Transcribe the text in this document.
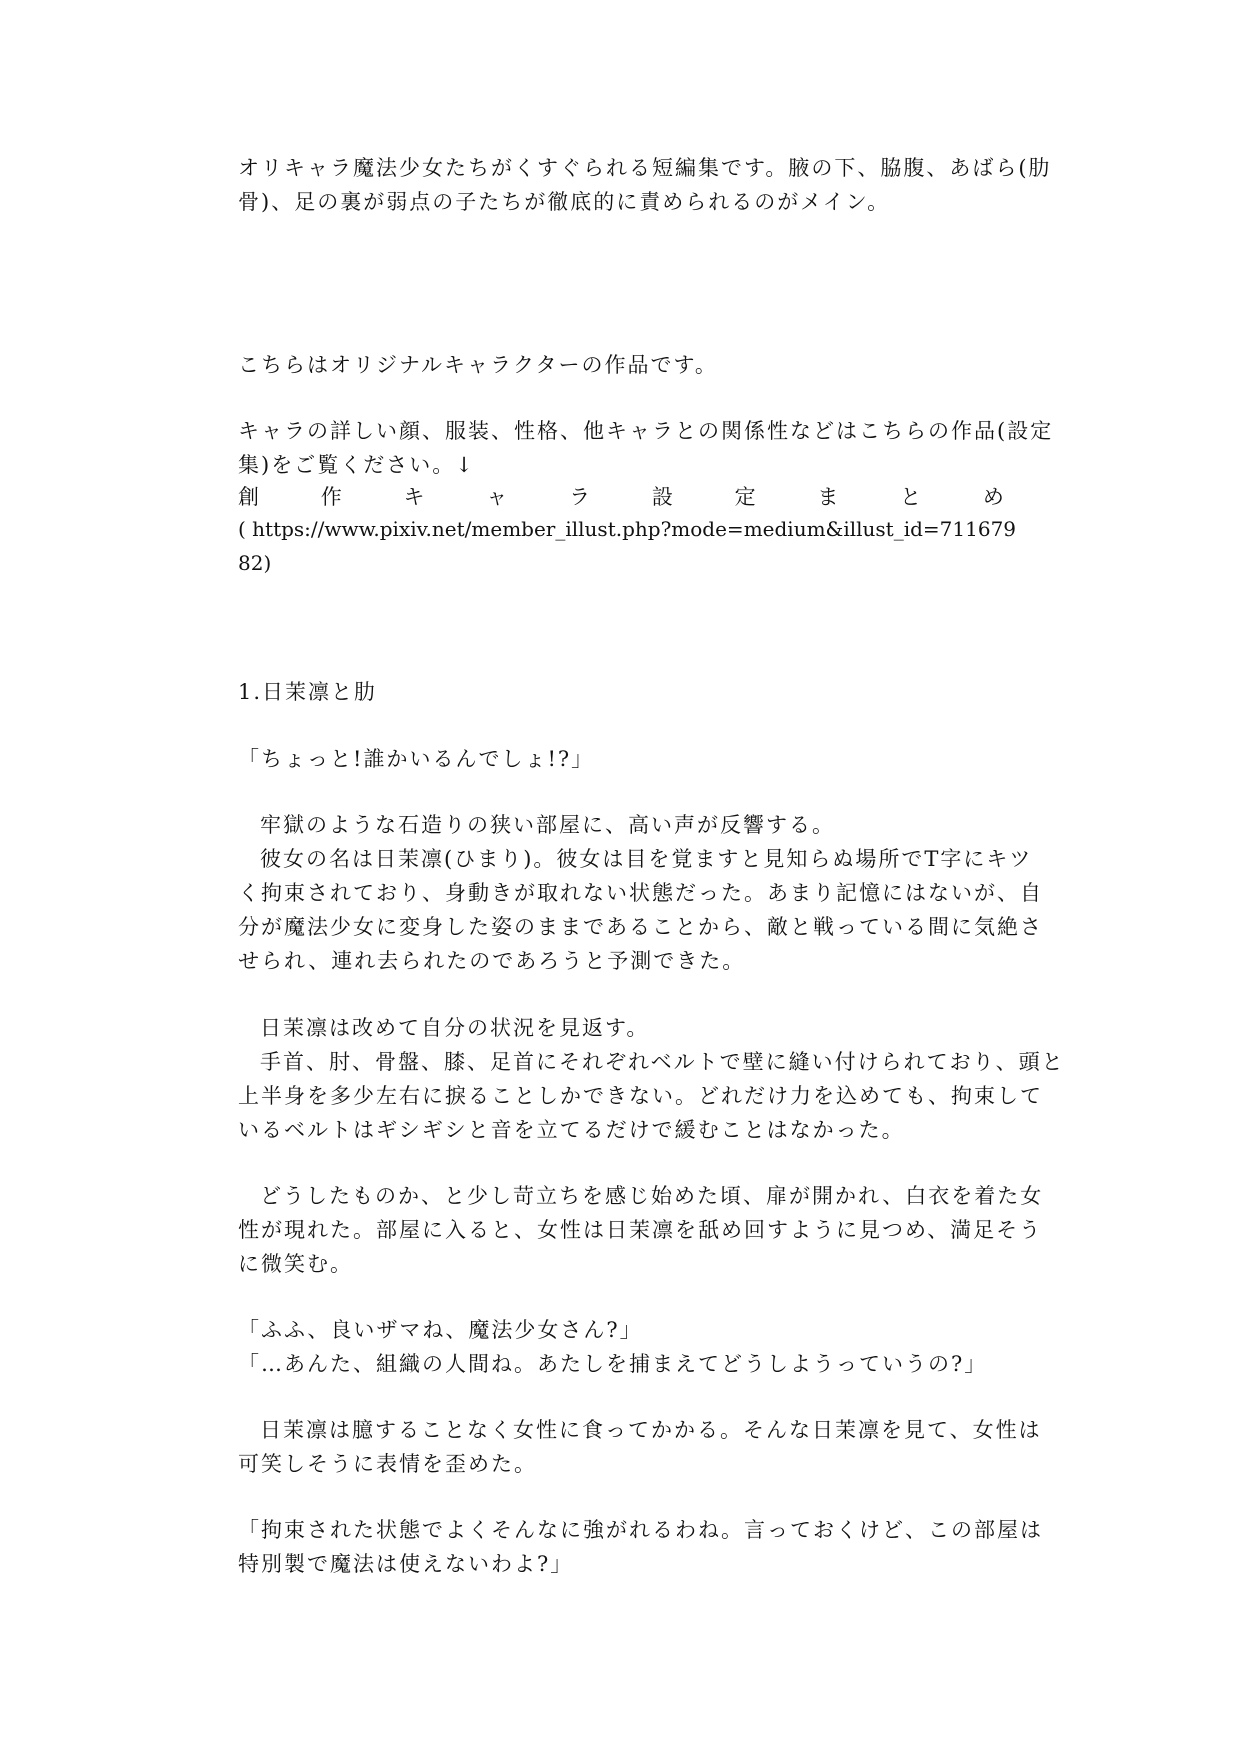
オリキャラ魔法少女たちがくすぐられる短編集です。腋の下、脇腹、あばら(肋
骨)、足の裏が弱点の子たちが徹底的に責められるのがメイン。
こちらはオリジナルキャラクターの作品です。
キャラの詳しい顔、服装、性格、他キャラとの関係性などはこちらの作品(設定
集)をご覧ください。↓
創	作	キ	ャ	ラ	設	定	ま	と	め
( https://www.pixiv.net/member_illust.php?mode=medium&illust_id=711679
82)
1.日茉凛と肋
「ちょっと!誰かいるんでしょ!?」
牢獄のような石造りの狭い部屋に、高い声が反響する。
彼女の名は日茉凛(ひまり)。彼女は目を覚ますと見知らぬ場所でT字にキツ
く拘束されており、身動きが取れない状態だった。あまり記憶にはないが、自
分が魔法少女に変身した姿のままであることから、敵と戦っている間に気絶さ
せられ、連れ去られたのであろうと予測できた。
日茉凛は改めて自分の状況を見返す。
手首、肘、骨盤、膝、足首にそれぞれベルトで壁に縫い付けられており、頭と
上半身を多少左右に捩ることしかできない。どれだけ力を込めても、拘束して
いるベルトはギシギシと音を立てるだけで緩むことはなかった。
どうしたものか、と少し苛立ちを感じ始めた頃、扉が開かれ、白衣を着た女
性が現れた。部屋に入ると、女性は日茉凛を舐め回すように見つめ、満足そう
に微笑む。
「ふふ、良いザマね、魔法少女さん?」
「…あんた、組織の人間ね。あたしを捕まえてどうしようっていうの?」
日茉凛は臆することなく女性に食ってかかる。そんな日茉凛を見て、女性は
可笑しそうに表情を歪めた。
「拘束された状態でよくそんなに強がれるわね。言っておくけど、この部屋は
特別製で魔法は使えないわよ?」
